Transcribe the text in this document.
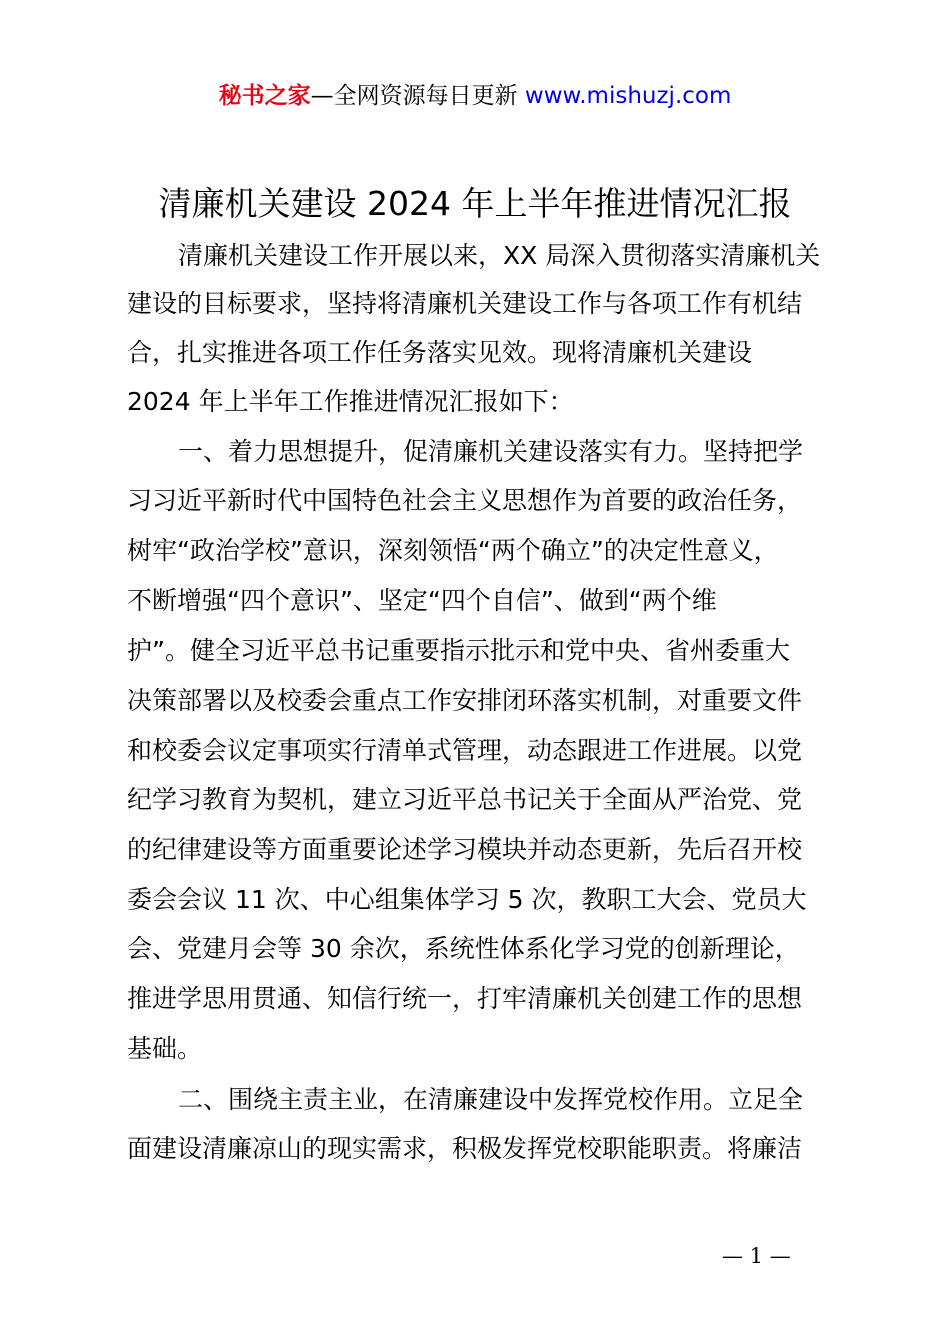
秘书之家—全网资源每日更新 www.mishuzj.com
清廉机关建设 2024 年上半年推进情况汇报
清廉机关建设工作开展以来，XX 局深入贯彻落实清廉机关
建设的目标要求，坚持将清廉机关建设工作与各项工作有机结
合，扎实推进各项工作任务落实见效。现将清廉机关建设
2024 年上半年工作推进情况汇报如下：
一、着力思想提升，促清廉机关建设落实有力。坚持把学
习习近平新时代中国特色社会主义思想作为首要的政治任务，
树牢“政治学校”意识，深刻领悟“两个确立”的决定性意义，
不断增强“四个意识”、坚定“四个自信”、做到“两个维
护”。健全习近平总书记重要指示批示和党中央、省州委重大
决策部署以及校委会重点工作安排闭环落实机制，对重要文件
和校委会议定事项实行清单式管理，动态跟进工作进展。以党
纪学习教育为契机，建立习近平总书记关于全面从严治党、党
的纪律建设等方面重要论述学习模块并动态更新，先后召开校
委会会议 11 次、中心组集体学习 5 次，教职工大会、党员大
会、党建月会等 30 余次，系统性体系化学习党的创新理论，
推进学思用贯通、知信行统一，打牢清廉机关创建工作的思想
基础。
二、围绕主责主业，在清廉建设中发挥党校作用。立足全
面建设清廉凉山的现实需求，积极发挥党校职能职责。将廉洁
— 1 —
